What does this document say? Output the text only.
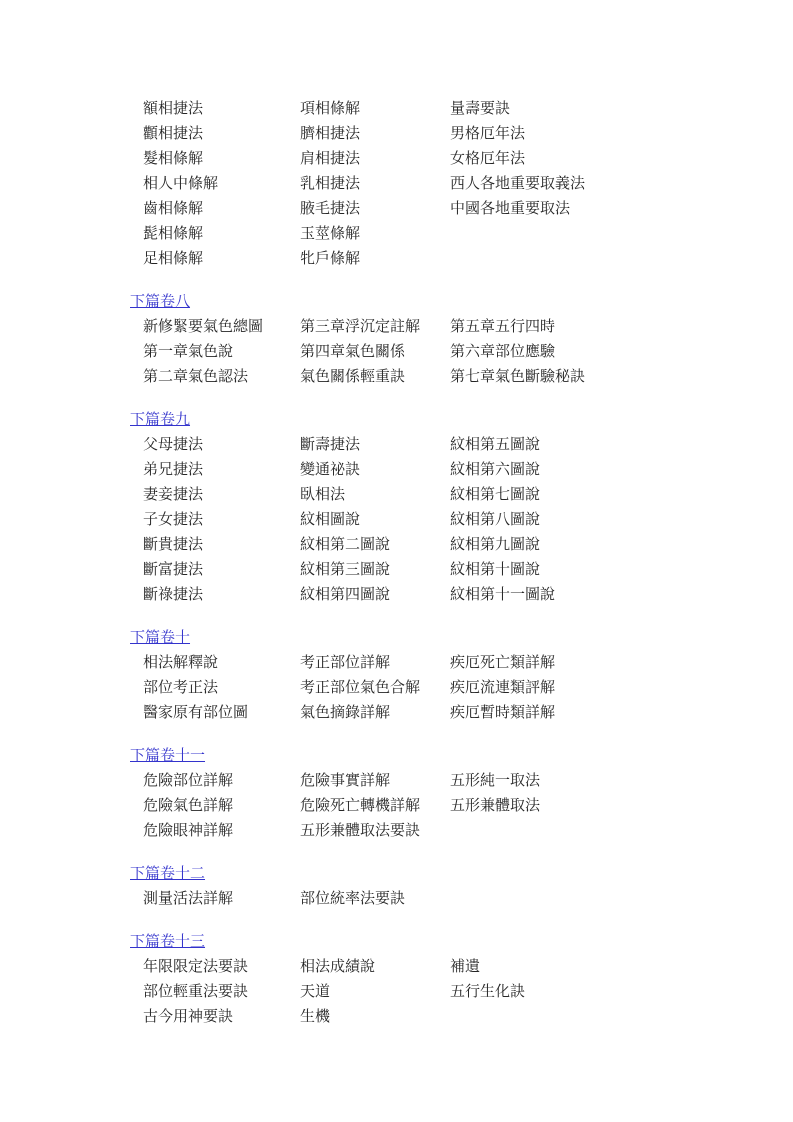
額相捷法	項相條解	量壽要訣
顴相捷法	臍相捷法	男格厄年法
髮相條解	肩相捷法	女格厄年法
相人中條解	乳相捷法	西人各地重要取義法
齒相條解	腋毛捷法	中國各地重要取法
髭相條解	玉莖條解
足相條解	牝戶條解
下篇卷八
新修緊要氣色總圖	第三章浮沉定註解	第五章五行四時
第一章氣色說	第四章氣色關係	第六章部位應驗
第二章氣色認法	氣色關係輕重訣	第七章氣色斷驗秘訣
下篇卷九
父母捷法	斷壽捷法	紋相第五圖說
弟兄捷法	變通祕訣	紋相第六圖說
妻妾捷法	臥相法	紋相第七圖說
子女捷法	紋相圖說	紋相第八圖說
斷貴捷法	紋相第二圖說	紋相第九圖說
斷富捷法	紋相第三圖說	紋相第十圖說
斷祿捷法	紋相第四圖說	紋相第十一圖說
下篇卷十
相法解釋說	考正部位詳解	疾厄死亡類詳解
部位考正法	考正部位氣色合解	疾厄流連類評解
醫家原有部位圖	氣色摘錄詳解	疾厄暫時類詳解
下篇卷十一
危險部位詳解	危險事實詳解	五形純一取法
危險氣色詳解	危險死亡轉機詳解	五形兼體取法
危險眼神詳解	五形兼體取法要訣
下篇卷十二
測量活法詳解	部位統率法要訣
下篇卷十三
年限限定法要訣	相法成績說	補遺
部位輕重法要訣	天道	五行生化訣
古今用神要訣	生機
